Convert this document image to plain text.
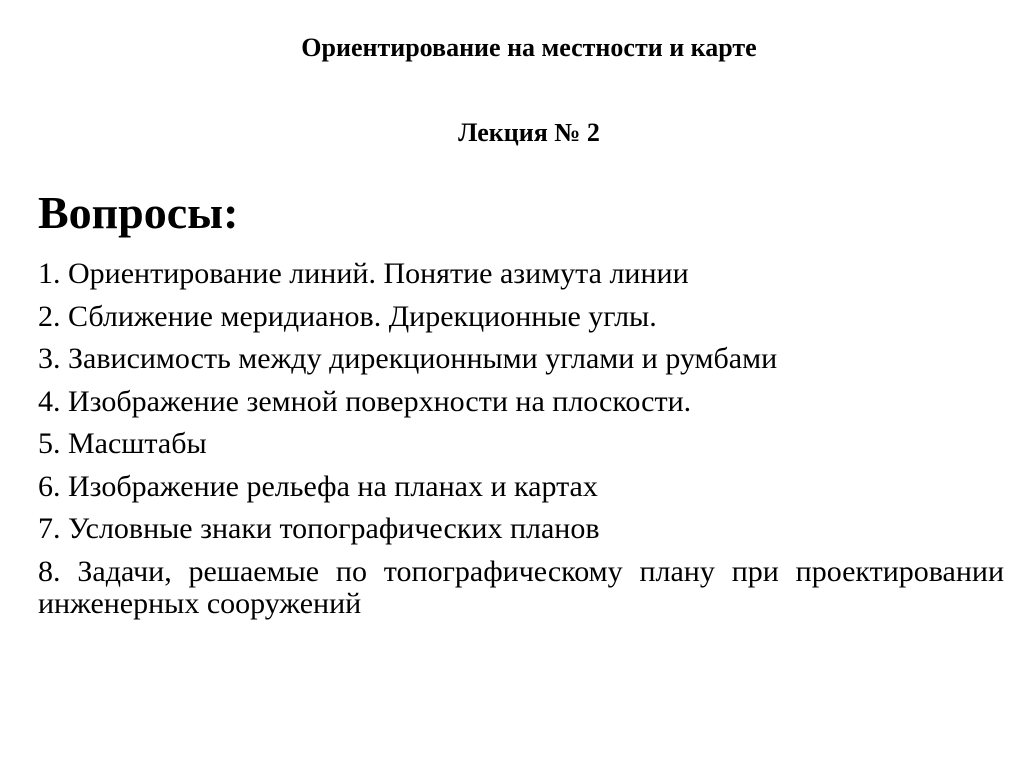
Ориентирование на местности и карте
Лекция № 2
Вопросы:
1. Ориентирование линий. Понятие азимута линии
2. Сближение меридианов. Дирекционные углы.
3. Зависимость между дирекционными углами и румбами
4. Изображение земной поверхности на плоскости.
5. Масштабы
6. Изображение рельефа на планах и картах
7. Условные знаки топографических планов
8. Задачи, решаемые по топографическому плану при проектировании инженерных сооружений
